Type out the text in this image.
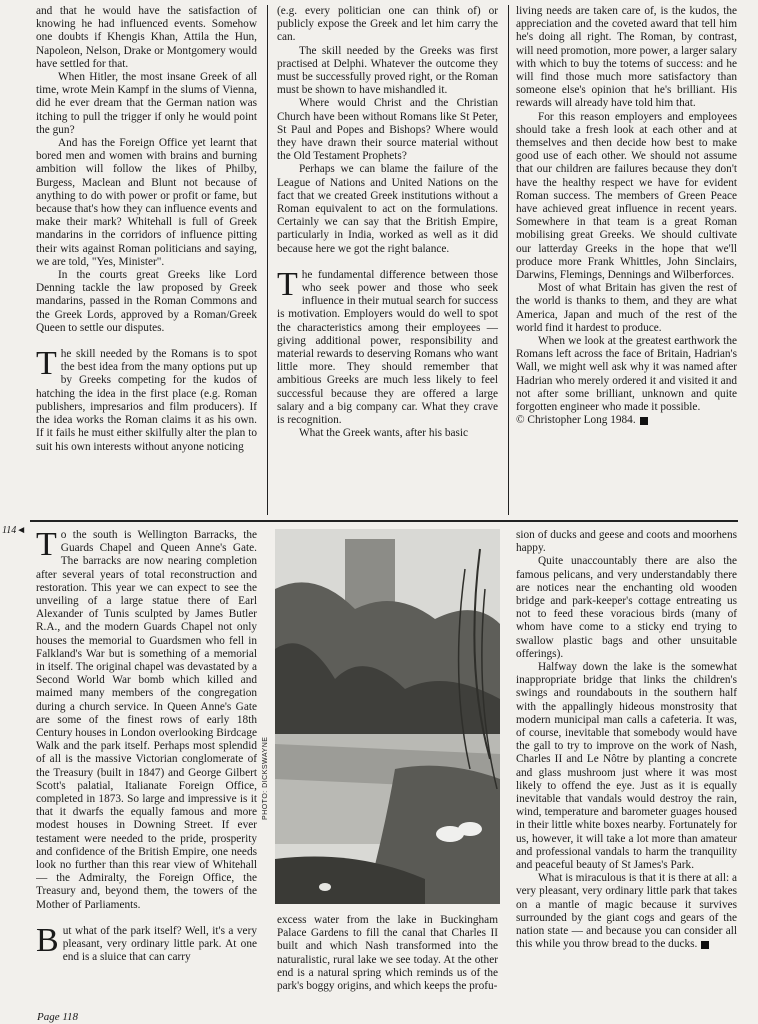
and that he would have the satisfaction of knowing he had influenced events. Somehow one doubts if Khengis Khan, Attila the Hun, Napoleon, Nelson, Drake or Montgomery would have settled for that.

When Hitler, the most insane Greek of all time, wrote Mein Kampf in the slums of Vienna, did he ever dream that the German nation was itching to pull the trigger if only he would point the gun?

And has the Foreign Office yet learnt that bored men and women with brains and burning ambition will follow the likes of Philby, Burgess, Maclean and Blunt not because of anything to do with power or profit or fame, but because that's how they can influence events and make their mark? Whitehall is full of Greek mandarins in the corridors of influence pitting their wits against Roman politicians and saying, we are told, "Yes, Minister".

In the courts great Greeks like Lord Denning tackle the law proposed by Greek mandarins, passed in the Roman Commons and the Greek Lords, approved by a Roman/Greek Queen to settle our disputes.

The skill needed by the Romans is to spot the best idea from the many options put up by Greeks competing for the kudos of hatching the idea in the first place (e.g. Roman publishers, impresarios and film producers). If the idea works the Roman claims it as his own. If it fails he must either skilfully alter the plan to suit his own interests without anyone noticing

(e.g. every politician one can think of) or publicly expose the Greek and let him carry the can.

The skill needed by the Greeks was first practised at Delphi. Whatever the outcome they must be successfully proved right, or the Roman must be shown to have mishandled it.

Where would Christ and the Christian Church have been without Romans like St Peter, St Paul and Popes and Bishops? Where would they have drawn their source material without the Old Testament Prophets?

Perhaps we can blame the failure of the League of Nations and United Nations on the fact that we created Greek institutions without a Roman equivalent to act on the formulations. Certainly we can say that the British Empire, particularly in India, worked as well as it did because here we got the right balance.

The fundamental difference between those who seek power and those who seek influence in their mutual search for success is motivation. Employers would do well to spot the characteristics among their employees — giving additional power, responsibility and material rewards to deserving Romans who want little more. They should remember that ambitious Greeks are much less likely to feel successful because they are offered a large salary and a big company car. What they crave is recognition.

What the Greek wants, after his basic

living needs are taken care of, is the kudos, the appreciation and the coveted award that tell him he's doing all right. The Roman, by contrast, will need promotion, more power, a larger salary with which to buy the totems of success: and he will find those much more satisfactory than someone else's opinion that he's brilliant. His rewards will already have told him that.

For this reason employers and employees should take a fresh look at each other and at themselves and then decide how best to make good use of each other. We should not assume that our children are failures because they don't have the healthy respect we have for evident Roman success. The members of Green Peace have achieved great influence in recent years. Somewhere in that team is a great Roman mobilising great Greeks. We should cultivate our latterday Greeks in the hope that we'll produce more Frank Whittles, John Sinclairs, Darwins, Flemings, Dennings and Wilberforces.

Most of what Britain has given the rest of the world is thanks to them, and they are what America, Japan and much of the rest of the world find it hardest to produce.

When we look at the greatest earthwork the Romans left across the face of Britain, Hadrian's Wall, we might well ask why it was named after Hadrian who merely ordered it and visited it and not after some brilliant, unknown and quite forgotten engineer who made it possible.

© Christopher Long 1984.

114◄ To the south is Wellington Barracks, the Guards Chapel and Queen Anne's Gate. The barracks are now nearing completion after several years of total reconstruction and restoration. This year we can expect to see the unveiling of a large statue there of Earl Alexander of Tunis sculpted by James Butler R.A., and the modern Guards Chapel not only houses the memorial to Guardsmen who fell in Falkland's War but is something of a memorial in itself. The original chapel was devastated by a Second World War bomb which killed and maimed many members of the congregation during a church service. In Queen Anne's Gate are some of the finest rows of early 18th Century houses in London overlooking Birdcage Walk and the park itself. Perhaps most splendid of all is the massive Victorian conglomerate of the Treasury (built in 1847) and George Gilbert Scott's palatial, Italianate Foreign Office, completed in 1873. So large and impressive is it that it dwarfs the equally famous and more modest houses in Downing Street. If ever testament were needed to the pride, prosperity and confidence of the British Empire, one needs look no further than this rear view of Whitehall — the Admiralty, the Foreign Office, the Treasury and, beyond them, the towers of the Mother of Parliaments.

But what of the park itself? Well, it's a very pleasant, very ordinary little park. At one end is a sluice that can carry

PHOTO: DICKSWAYNE

excess water from the lake in Buckingham Palace Gardens to fill the canal that Charles II built and which Nash transformed into the naturalistic, rural lake we see today. At the other end is a natural spring which reminds us of the park's boggy origins, and which keeps the profu-

sion of ducks and geese and coots and moorhens happy.

Quite unaccountably there are also the famous pelicans, and very understandably there are notices near the enchanting old wooden bridge and park-keeper's cottage entreating us not to feed these voracious birds (many of whom have come to a sticky end trying to swallow plastic bags and other unsuitable offerings).

Halfway down the lake is the somewhat inappropriate bridge that links the children's swings and roundabouts in the southern half with the appallingly hideous monstrosity that modern municipal man calls a cafeteria. It was, of course, inevitable that somebody would have the gall to try to improve on the work of Nash, Charles II and Le Nôtre by planting a concrete and glass mushroom just where it was most likely to offend the eye. Just as it is equally inevitable that vandals would destroy the rain, wind, temperature and barometer guages housed in their little white boxes nearby. Fortunately for us, however, it will take a lot more than amateur and professional vandals to harm the tranquility and peaceful beauty of St James's Park.

What is miraculous is that it is there at all: a very pleasant, very ordinary little park that takes on a mantle of magic because it survives surrounded by the giant cogs and gears of the nation state — and because you can consider all this while you throw bread to the ducks.

Page 118
